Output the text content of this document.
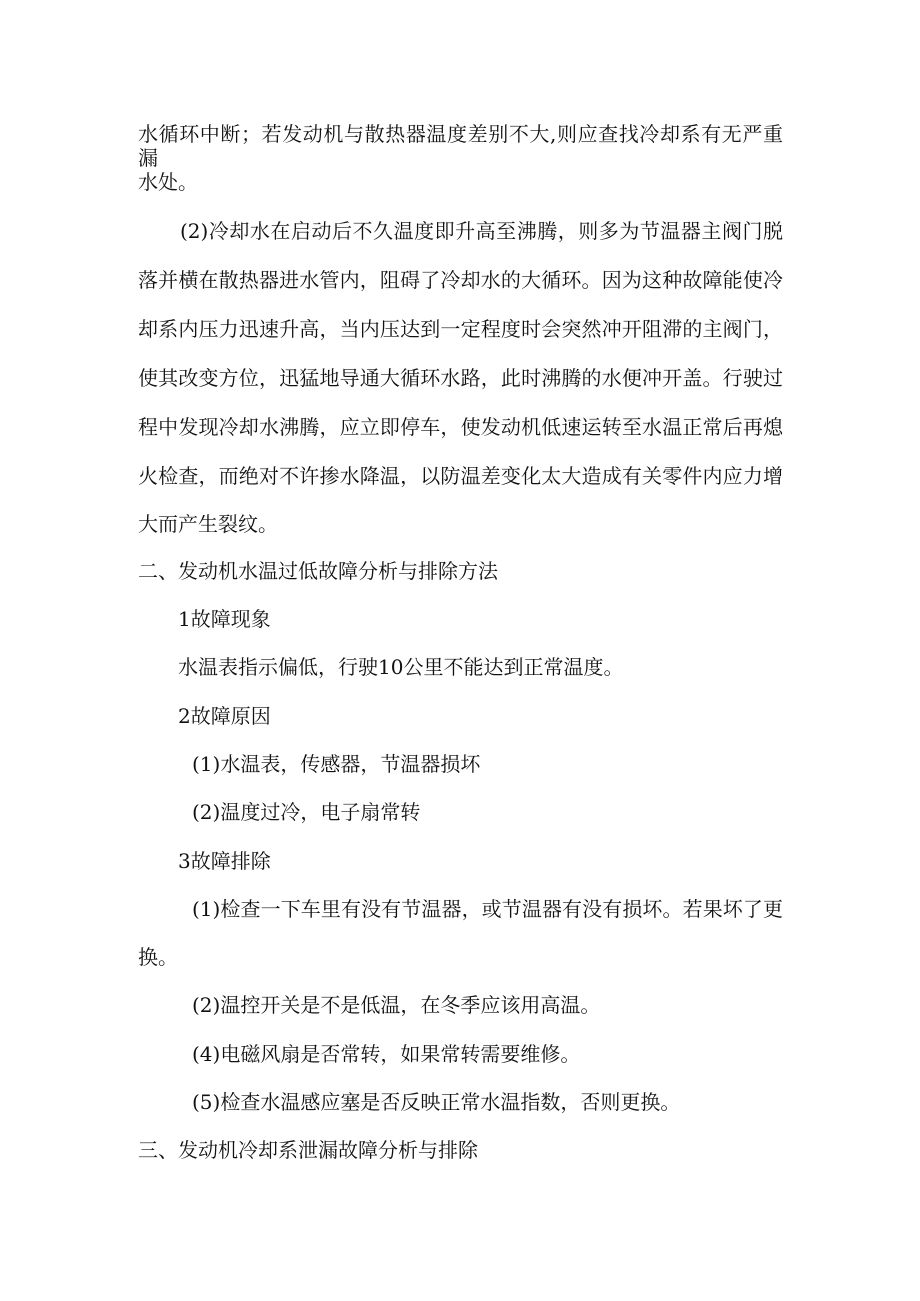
水循环中断；若发动机与散热器温度差别不大,则应查找冷却系有无严重漏

水处。

(2)冷却水在启动后不久温度即升高至沸腾，则多为节温器主阀门脱

落并横在散热器进水管内，阻碍了冷却水的大循环。因为这种故障能使冷

却系内压力迅速升高，当内压达到一定程度时会突然冲开阻滞的主阀门，

使其改变方位，迅猛地导通大循环水路，此时沸腾的水便冲开盖。行驶过

程中发现冷却水沸腾，应立即停车，使发动机低速运转至水温正常后再熄

火检查，而绝对不许掺水降温，以防温差变化太大造成有关零件内应力增

大而产生裂纹。

二、发动机水温过低故障分析与排除方法

1故障现象

水温表指示偏低，行驶10公里不能达到正常温度。

2故障原因

(1)水温表，传感器，节温器损坏

(2)温度过冷，电子扇常转

3故障排除

(1)检查一下车里有没有节温器，或节温器有没有损坏。若果坏了更

换。

(2)温控开关是不是低温，在冬季应该用高温。

(4)电磁风扇是否常转，如果常转需要维修。

(5)检查水温感应塞是否反映正常水温指数，否则更换。

三、发动机冷却系泄漏故障分析与排除
